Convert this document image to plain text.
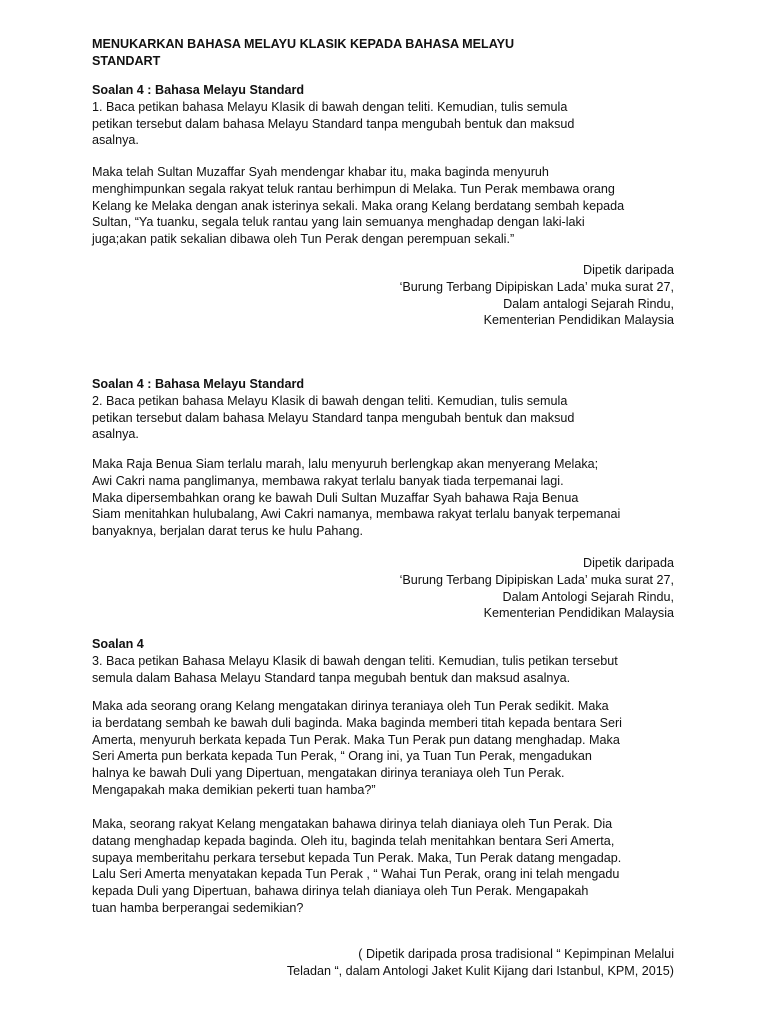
MENUKARKAN BAHASA MELAYU KLASIK KEPADA BAHASA MELAYU
STANDART
Soalan 4 : Bahasa Melayu Standard
1. Baca petikan bahasa Melayu Klasik di bawah dengan teliti. Kemudian, tulis semula
petikan tersebut dalam bahasa Melayu Standard tanpa mengubah bentuk dan maksud
asalnya.
Maka telah Sultan Muzaffar Syah mendengar khabar itu, maka baginda menyuruh
menghimpunkan segala rakyat teluk rantau berhimpun di Melaka. Tun Perak membawa orang
Kelang ke Melaka dengan anak isterinya sekali. Maka orang Kelang berdatang sembah kepada
Sultan, “Ya tuanku, segala teluk rantau yang lain semuanya menghadap dengan laki-laki
juga;akan patik sekalian dibawa oleh Tun Perak dengan perempuan sekali.”
Dipetik daripada
‘Burung Terbang Dipipiskan Lada’ muka surat 27,
Dalam antalogi Sejarah Rindu,
Kementerian Pendidikan Malaysia
Soalan 4 : Bahasa Melayu Standard
2. Baca petikan bahasa Melayu Klasik di bawah dengan teliti. Kemudian, tulis semula
petikan tersebut dalam bahasa Melayu Standard tanpa mengubah bentuk dan maksud
asalnya.
Maka Raja Benua Siam terlalu marah, lalu menyuruh berlengkap akan menyerang Melaka;
Awi Cakri nama panglimanya, membawa rakyat terlalu banyak tiada terpemanai lagi.
Maka dipersembahkan orang ke bawah Duli Sultan Muzaffar Syah bahawa Raja Benua
Siam menitahkan hulubalang, Awi Cakri namanya, membawa rakyat terlalu banyak terpemanai
banyaknya, berjalan darat terus ke hulu Pahang.
Dipetik daripada
‘Burung Terbang Dipipiskan Lada’ muka surat 27,
Dalam Antologi Sejarah Rindu,
Kementerian Pendidikan Malaysia
Soalan 4
3. Baca petikan Bahasa Melayu Klasik di bawah dengan teliti. Kemudian, tulis petikan tersebut
semula dalam Bahasa Melayu Standard tanpa megubah bentuk dan maksud asalnya.
Maka ada seorang orang Kelang mengatakan dirinya teraniaya oleh Tun Perak sedikit. Maka
ia berdatang sembah ke bawah duli baginda. Maka baginda memberi titah kepada bentara Seri
Amerta, menyuruh berkata kepada Tun Perak. Maka Tun Perak pun datang menghadap. Maka
Seri Amerta pun berkata kepada Tun Perak, “ Orang ini, ya Tuan Tun Perak, mengadukan
halnya ke bawah Duli yang Dipertuan, mengatakan dirinya teraniaya oleh Tun Perak.
Mengapakah maka demikian pekerti tuan hamba?”
Maka, seorang rakyat Kelang mengatakan bahawa dirinya telah dianiaya oleh Tun Perak. Dia
datang menghadap kepada baginda. Oleh itu, baginda telah menitahkan bentara Seri Amerta,
supaya memberitahu perkara tersebut kepada Tun Perak. Maka, Tun Perak datang mengadap.
Lalu Seri Amerta menyatakan kepada Tun Perak , “ Wahai Tun Perak, orang ini telah mengadu
kepada Duli yang Dipertuan, bahawa dirinya telah dianiaya oleh Tun Perak. Mengapakah
tuan hamba berperangai sedemikian?
( Dipetik daripada prosa tradisional “ Kepimpinan Melalui
Teladan “, dalam Antologi Jaket Kulit Kijang dari Istanbul, KPM, 2015)
